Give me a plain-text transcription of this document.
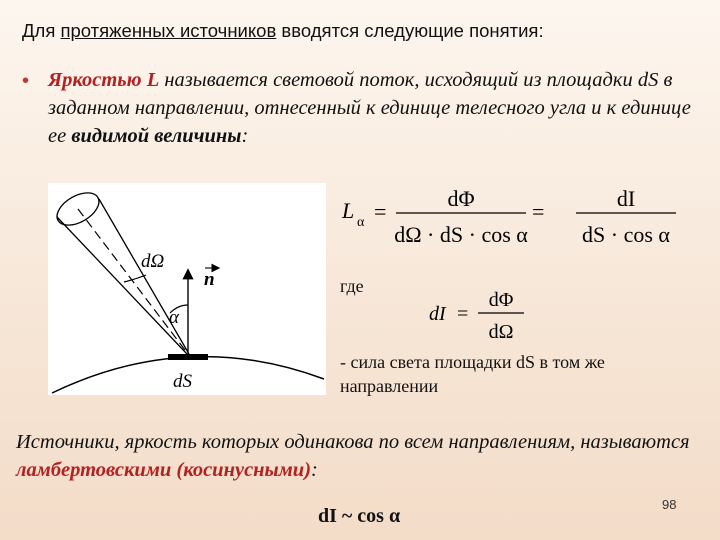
Для протяженных источников вводятся следующие понятия:
• Яркостью L называется световой поток, исходящий из площадки dS в заданном направлении, отнесенный к единице телесного угла и к единице ее видимой величины:
dΩ
n
α
dS
L α =
dΦ
dΩ · dS · cos α
=
dI
dS · cos α
где
dI =
dΦ
dΩ
- сила света площадки dS в том же направлении
Источники, яркость которых одинакова по всем направлениям, называются ламбертовскими (косинусными):
dI ~ cos α
98
